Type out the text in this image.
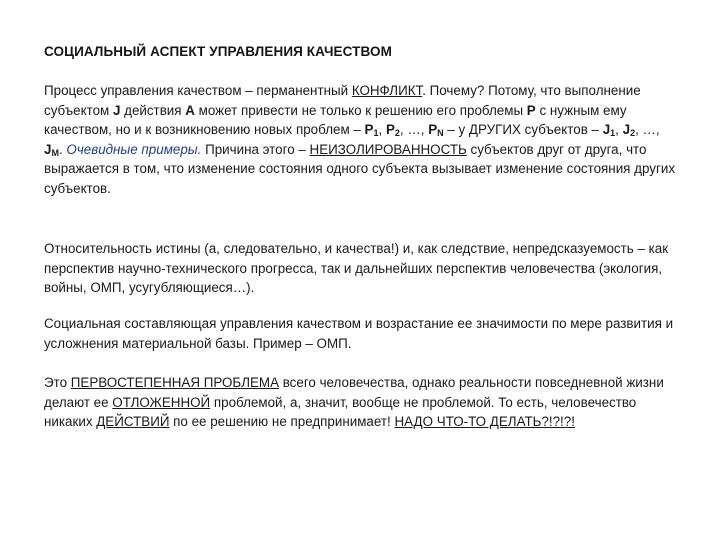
СОЦИАЛЬНЫЙ АСПЕКТ УПРАВЛЕНИЯ КАЧЕСТВОМ

Процесс управления качеством – перманентный КОНФЛИКТ. Почему? Потому, что выполнение субъектом J действия А может привести не только к решению его проблемы P с нужным ему качеством, но и к возникновению новых проблем – $P_1$, $P_2$, …, $P_N$ – у ДРУГИХ субъектов – $J_1$, $J_2$, …, $J_M$. Очевидные примеры. Причина этого – НЕИЗОЛИРОВАННОСТЬ субъектов друг от друга, что выражается в том, что изменение состояния одного субъекта вызывает изменение состояния других субъектов.

Относительность истины (а, следовательно, и качества!) и, как следствие, непредсказуемость – как перспектив научно-технического прогресса, так и дальнейших перспектив человечества (экология, войны, ОМП, усугубляющиеся…).

Социальная составляющая управления качеством и возрастание ее значимости по мере развития и усложнения материальной базы. Пример – ОМП.

Это ПЕРВОСТЕПЕННАЯ ПРОБЛЕМА всего человечества, однако реальности повседневной жизни делают ее ОТЛОЖЕННОЙ проблемой, а, значит, вообще не проблемой. То есть, человечество никаких ДЕЙСТВИЙ по ее решению не предпринимает! НАДО ЧТО-ТО ДЕЛАТЬ?!?!?!
